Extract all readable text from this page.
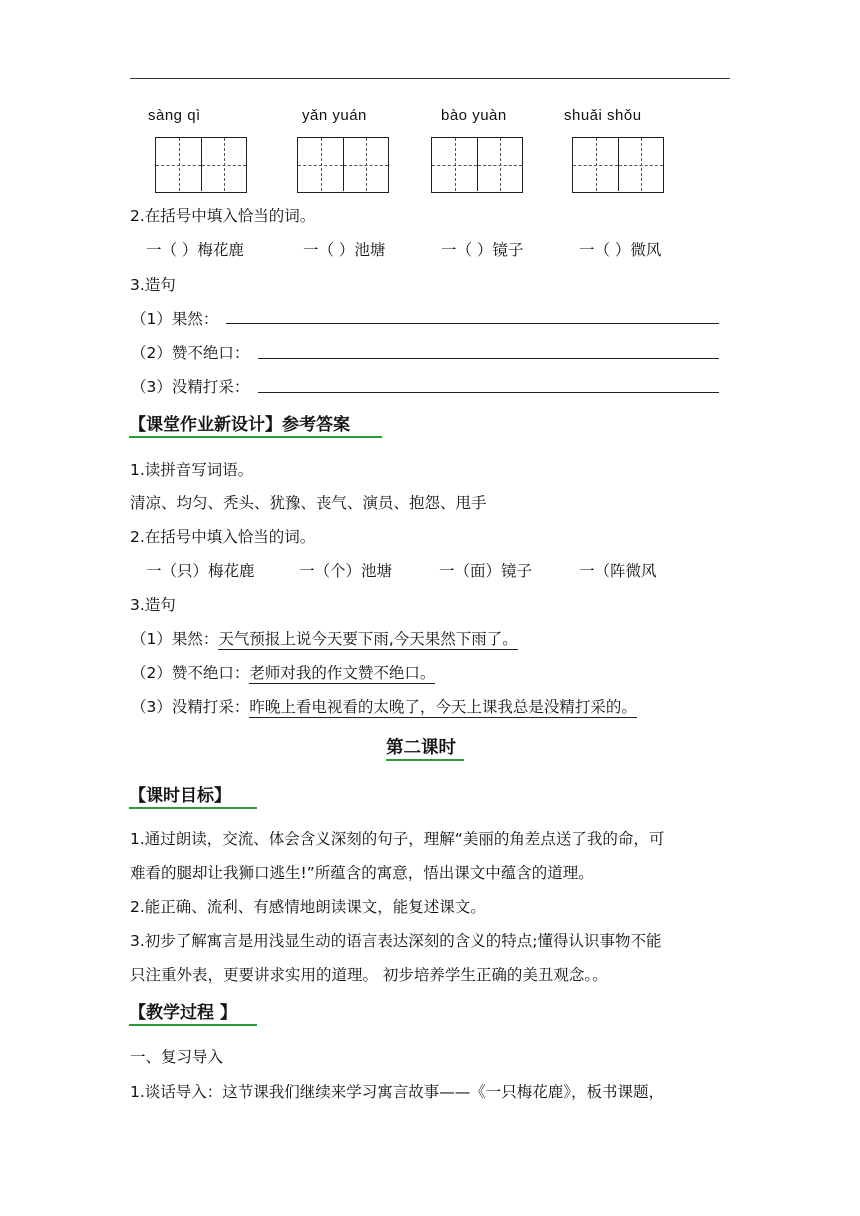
sàng qì	yǎn yuán	bào yuàn	shuǎi shǒu
2.在括号中填入恰当的词。
一（ ）梅花鹿	一（ ）池塘	一（ ）镜子	一（ ）微风
3.造句
（1）果然：
（2）赞不绝口：
（3）没精打采：
【课堂作业新设计】参考答案
1.读拼音写词语。
清凉、均匀、秃头、犹豫、丧气、演员、抱怨、甩手
2.在括号中填入恰当的词。
一（只）梅花鹿	一（个）池塘	一（面）镜子	一（阵微风
3.造句
（1）果然：天气预报上说今天要下雨,今天果然下雨了。
（2）赞不绝口：老师对我的作文赞不绝口。
（3）没精打采：昨晚上看电视看的太晚了，今天上课我总是没精打采的。
第二课时
【课时目标】
1.通过朗读，交流、体会含义深刻的句子，理解“美丽的角差点送了我的命，可
难看的腿却让我狮口逃生!”所蕴含的寓意，悟出课文中蕴含的道理。
2.能正确、流利、有感情地朗读课文，能复述课文。
3.初步了解寓言是用浅显生动的语言表达深刻的含义的特点;懂得认识事物不能
只注重外表，更要讲求实用的道理。 初步培养学生正确的美丑观念。。
【教学过程 】
一、复习导入
1.谈话导入：这节课我们继续来学习寓言故事——《一只梅花鹿》，板书课题，
